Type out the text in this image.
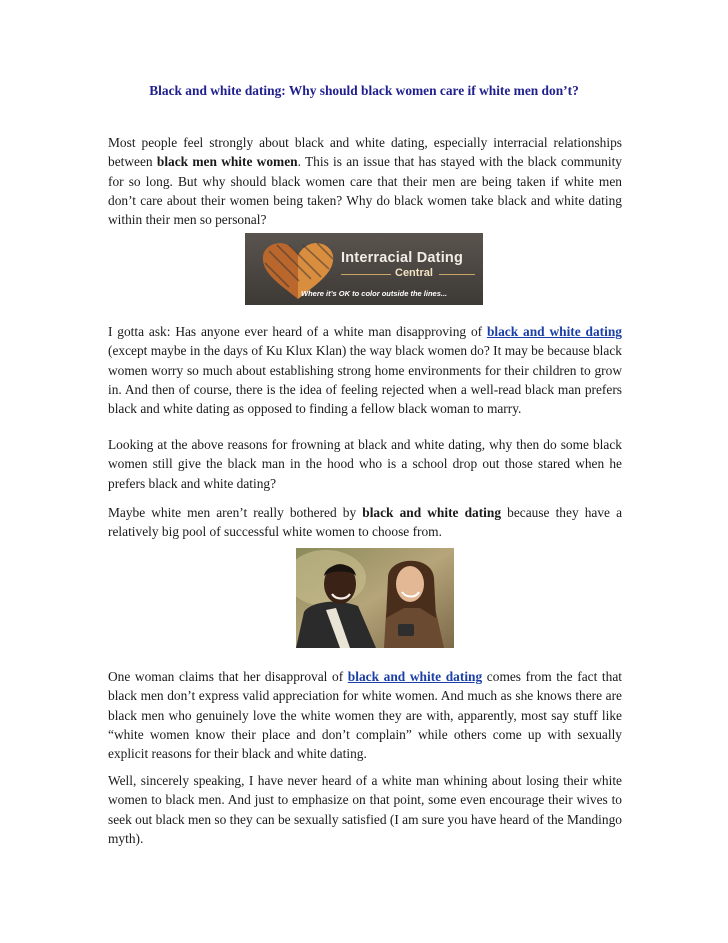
Black and white dating: Why should black women care if white men don’t?

Most people feel strongly about black and white dating, especially interracial relationships between black men white women. This is an issue that has stayed with the black community for so long. But why should black women care that their men are being taken if white men don’t care about their women being taken? Why do black women take black and white dating within their men so personal?

Interracial Dating
Central
Where it’s OK to color outside the lines...

I gotta ask: Has anyone ever heard of a white man disapproving of black and white dating (except maybe in the days of Ku Klux Klan) the way black women do? It may be because black women worry so much about establishing strong home environments for their children to grow in. And then of course, there is the idea of feeling rejected when a well-read black man prefers black and white dating as opposed to finding a fellow black woman to marry.

Looking at the above reasons for frowning at black and white dating, why then do some black women still give the black man in the hood who is a school drop out those stared when he prefers black and white dating?

Maybe white men aren’t really bothered by black and white dating because they have a relatively big pool of successful white women to choose from.

One woman claims that her disapproval of black and white dating comes from the fact that black men don’t express valid appreciation for white women. And much as she knows there are black men who genuinely love the white women they are with, apparently, most say stuff like “white women know their place and don’t complain” while others come up with sexually explicit reasons for their black and white dating.

Well, sincerely speaking, I have never heard of a white man whining about losing their white women to black men. And just to emphasize on that point, some even encourage their wives to seek out black men so they can be sexually satisfied (I am sure you have heard of the Mandingo myth).
